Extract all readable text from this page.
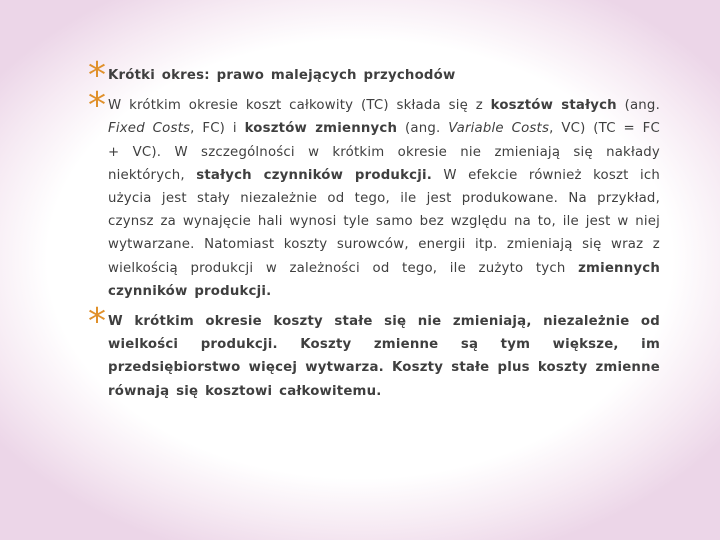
* Krótki okres: prawo malejących przychodów
* W krótkim okresie koszt całkowity (TC) składa się z kosztów stałych (ang. Fixed Costs, FC) i kosztów zmiennych (ang. Variable Costs, VC) (TC = FC + VC). W szczególności w krótkim okresie nie zmieniają się nakłady niektórych, stałych czynników produkcji. W efekcie również koszt ich użycia jest stały niezależnie od tego, ile jest produkowane. Na przykład, czynsz za wynajęcie hali wynosi tyle samo bez względu na to, ile jest w niej wytwarzane. Natomiast koszty surowców, energii itp. zmieniają się wraz z wielkością produkcji w zależności od tego, ile zużyto tych zmiennych czynników produkcji.
* W krótkim okresie koszty stałe się nie zmieniają, niezależnie od wielkości produkcji. Koszty zmienne są tym większe, im przedsiębiorstwo więcej wytwarza. Koszty stałe plus koszty zmienne równają się kosztowi całkowitemu.
